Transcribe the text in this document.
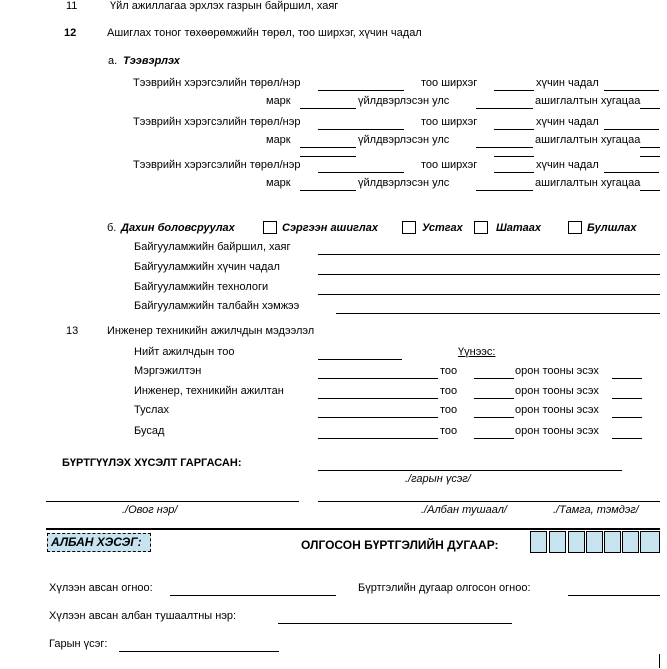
11	Үйл ажиллагаа эрхлэх газрын байршил, хаяг
12	Ашиглах тоног төхөөрөмжийн төрөл, тоо ширхэг, хүчин чадал
а. Тээвэрлэх
Тээврийн хэрэгсэлийн төрөл/нэр	тоо ширхэг	хүчин чадал
марк	үйлдвэрлэсэн улс	ашиглалтын хугацаа
Тээврийн хэрэгсэлийн төрөл/нэр	тоо ширхэг	хүчин чадал
марк	үйлдвэрлэсэн улс	ашиглалтын хугацаа
Тээврийн хэрэгсэлийн төрөл/нэр	тоо ширхэг	хүчин чадал
марк	үйлдвэрлэсэн улс	ашиглалтын хугацаа
б. Дахин боловсруулах	Сэргээн ашиглах	Устгах	Шатаах	Булшлах
Байгууламжийн байршил, хаяг
Байгууламжийн хүчин чадал
Байгууламжийн технологи
Байгууламжийн талбайн хэмжээ
13	Инженер техникийн ажилчдын мэдээлэл
Нийт ажилчдын тоо	Үүнээс:
Мэргэжилтэн	тоо	орон тооны эсэх
Инженер, техникийн ажилтан	тоо	орон тооны эсэх
Туслах	тоо	орон тооны эсэх
Бусад	тоо	орон тооны эсэх
БҮРТГҮҮЛЭХ ХҮСЭЛТ ГАРГАСАН:
./гарын үсэг/
./Овог нэр/	./Албан тушаал/	./Тамга, тэмдэг/
АЛБАН ХЭСЭГ:	ОЛГОСОН БҮРТГЭЛИЙН ДУГААР:
Хүлээн авсан огноо:	Бүртгэлийн дугаар олгосон огноо:
Хүлээн авсан албан тушаалтны нэр:
Гарын үсэг:
